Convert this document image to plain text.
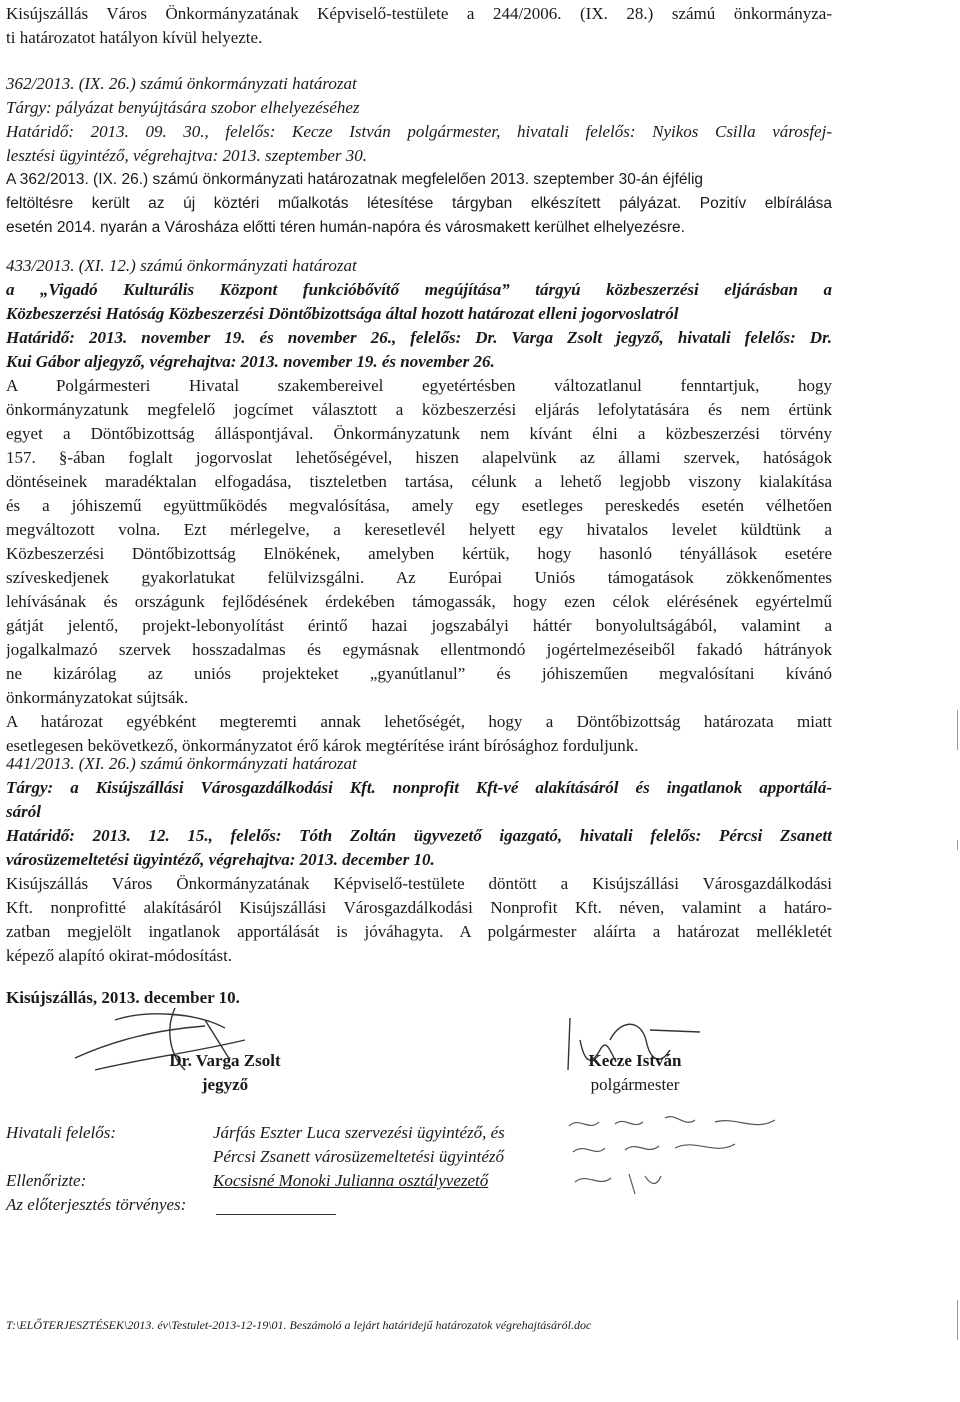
Kisújszállás Város Önkormányzatának Képviselő-testülete a 244/2006. (IX. 28.) számú önkormányza-
ti határozatot hatályon kívül helyezte.
362/2013. (IX. 26.) számú önkormányzati határozat
Tárgy: pályázat benyújtására szobor elhelyezéséhez
Határidő: 2013. 09. 30., felelős: Kecze István polgármester, hivatali felelős: Nyikos Csilla városfej-
lesztési ügyintéző, végrehajtva: 2013. szeptember 30.
A 362/2013. (IX. 26.) számú önkormányzati határozatnak megfelelően 2013. szeptember 30-án éjfélig
feltöltésre került az új köztéri műalkotás létesítése tárgyban elkészített pályázat. Pozitív elbírálása
esetén 2014. nyarán a Városháza előtti téren humán-napóra és városmakett kerülhet elhelyezésre.
433/2013. (XI. 12.) számú önkormányzati határozat
a „Vigadó Kulturális Központ funkcióbővítő megújítása” tárgyú közbeszerzési eljárásban a
Közbeszerzési Hatóság Közbeszerzési Döntőbizottsága által hozott határozat elleni jogorvoslatról
Határidő: 2013. november 19. és november 26., felelős: Dr. Varga Zsolt jegyző, hivatali felelős: Dr.
Kui Gábor aljegyző, végrehajtva: 2013. november 19. és november 26.
A Polgármesteri Hivatal szakembereivel egyetértésben változatlanul fenntartjuk, hogy
önkormányzatunk megfelelő jogcímet választott a közbeszerzési eljárás lefolytatására és nem értünk
egyet a Döntőbizottság álláspontjával. Önkormányzatunk nem kívánt élni a közbeszerzési törvény
157. §-ában foglalt jogorvoslat lehetőségével, hiszen alapelvünk az állami szervek, hatóságok
döntéseinek maradéktalan elfogadása, tiszteletben tartása, célunk a lehető legjobb viszony kialakítása
és a jóhiszemű együttműködés megvalósítása, amely egy esetleges pereskedés esetén vélhetően
megváltozott volna. Ezt mérlegelve, a keresetlevél helyett egy hivatalos levelet küldtünk a
Közbeszerzési Döntőbizottság Elnökének, amelyben kértük, hogy hasonló tényállások esetére
szíveskedjenek gyakorlatukat felülvizsgálni. Az Európai Uniós támogatások zökkenőmentes
lehívásának és országunk fejlődésének érdekében támogassák, hogy ezen célok elérésének egyértelmű
gátját jelentő, projekt-lebonyolítást érintő hazai jogszabályi háttér bonyolultságából, valamint a
jogalkalmazó szervek hosszadalmas és egymásnak ellentmondó jogértelmezéseiből fakadó hátrányok
ne kizárólag az uniós projekteket „gyanútlanul” és jóhiszeműen megvalósítani kívánó
önkormányzatokat sújtsák.
A határozat egyébként megteremti annak lehetőségét, hogy a Döntőbizottság határozata miatt
esetlegesen bekövetkező, önkormányzatot érő károk megtérítése iránt bírósághoz forduljunk.
441/2013. (XI. 26.) számú önkormányzati határozat
Tárgy: a Kisújszállási Városgazdálkodási Kft. nonprofit Kft-vé alakításáról és ingatlanok apportálá-
sáról
Határidő: 2013. 12. 15., felelős: Tóth Zoltán ügyvezető igazgató, hivatali felelős: Pércsi Zsanett
városüzemeltetési ügyintéző, végrehajtva: 2013. december 10.
Kisújszállás Város Önkormányzatának Képviselő-testülete döntött a Kisújszállási Városgazdálkodási
Kft. nonprofitté alakításáról Kisújszállási Városgazdálkodási Nonprofit Kft. néven, valamint a határo-
zatban megjelölt ingatlanok apportálását is jóváhagyta. A polgármester aláírta a határozat mellékletét
képező alapító okirat-módosítást.
Kisújszállás, 2013. december 10.
Dr. Varga Zsolt
jegyző
Kecze István
polgármester
Hivatali felelős:	Járfás Eszter Luca szervezési ügyintéző, és
Pércsi Zsanett városüzemeltetési ügyintéző
Ellenőrizte:	Kocsisné Monoki Julianna osztályvezető
Az előterjesztés törvényes:
T:\ELŐTERJESZTÉSEK\2013. év\Testulet-2013-12-19\01. Beszámoló a lejárt határidejű határozatok végrehajtásáról.doc
